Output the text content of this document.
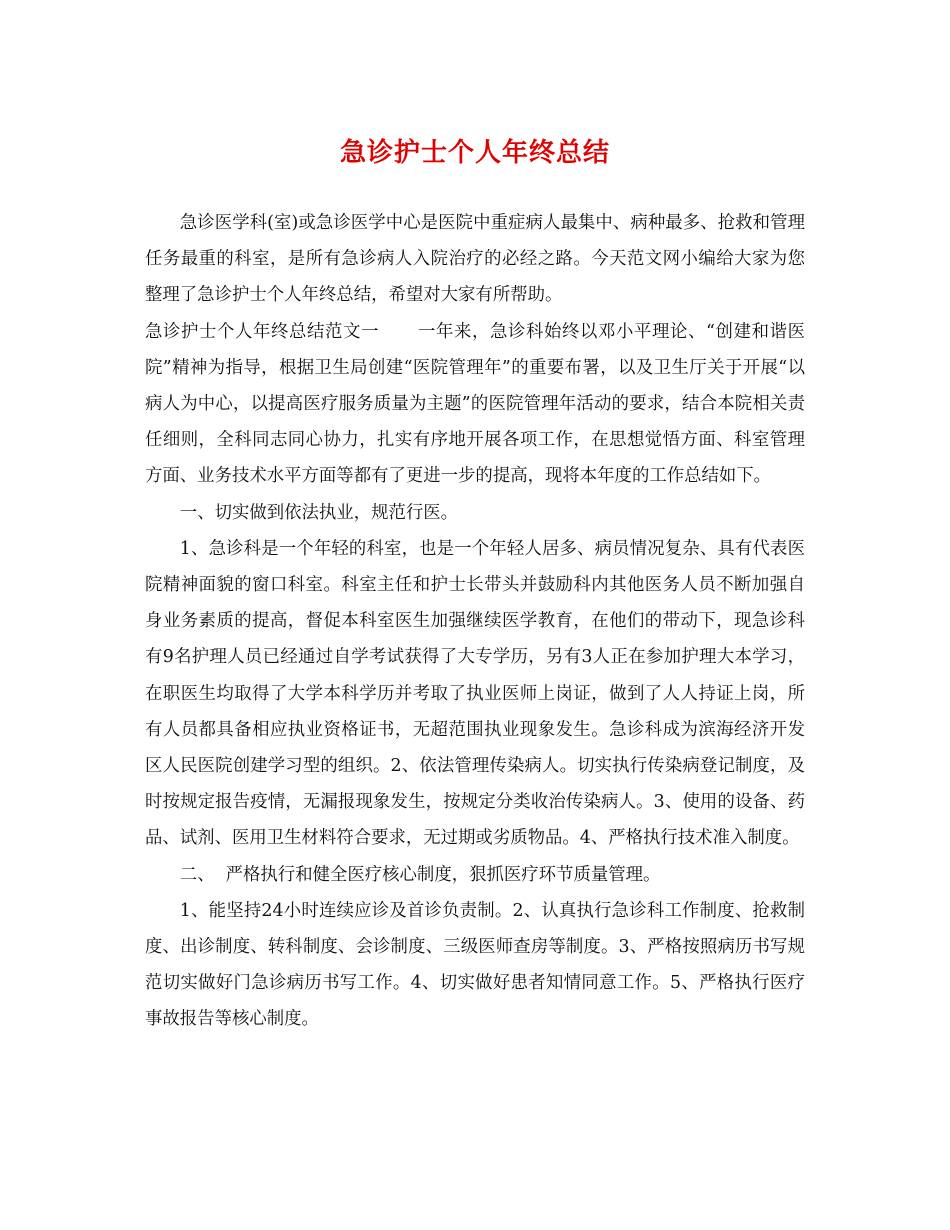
急诊护士个人年终总结

急诊医学科(室)或急诊医学中心是医院中重症病人最集中、病种最多、抢救和管理任务最重的科室，是所有急诊病人入院治疗的必经之路。今天范文网小编给大家为您整理了急诊护士个人年终总结，希望对大家有所帮助。

急诊护士个人年终总结范文一 一年来，急诊科始终以邓小平理论、“创建和谐医院”精神为指导，根据卫生局创建“医院管理年”的重要布署，以及卫生厅关于开展“以病人为中心，以提高医疗服务质量为主题”的医院管理年活动的要求，结合本院相关责任细则，全科同志同心协力，扎实有序地开展各项工作，在思想觉悟方面、科室管理方面、业务技术水平方面等都有了更进一步的提高，现将本年度的工作总结如下。

一、切实做到依法执业，规范行医。

1、急诊科是一个年轻的科室，也是一个年轻人居多、病员情况复杂、具有代表医院精神面貌的窗口科室。科室主任和护士长带头并鼓励科内其他医务人员不断加强自身业务素质的提高，督促本科室医生加强继续医学教育，在他们的带动下，现急诊科有9名护理人员已经通过自学考试获得了大专学历，另有3人正在参加护理大本学习，在职医生均取得了大学本科学历并考取了执业医师上岗证，做到了人人持证上岗，所有人员都具备相应执业资格证书，无超范围执业现象发生。急诊科成为滨海经济开发区人民医院创建学习型的组织。2、依法管理传染病人。切实执行传染病登记制度，及时按规定报告疫情，无漏报现象发生，按规定分类收治传染病人。3、使用的设备、药品、试剂、医用卫生材料符合要求，无过期或劣质物品。4、严格执行技术准入制度。

二、  严格执行和健全医疗核心制度，狠抓医疗环节质量管理。

1、能坚持24小时连续应诊及首诊负责制。2、认真执行急诊科工作制度、抢救制度、出诊制度、转科制度、会诊制度、三级医师查房等制度。3、严格按照病历书写规范切实做好门急诊病历书写工作。4、切实做好患者知情同意工作。5、严格执行医疗事故报告等核心制度。
